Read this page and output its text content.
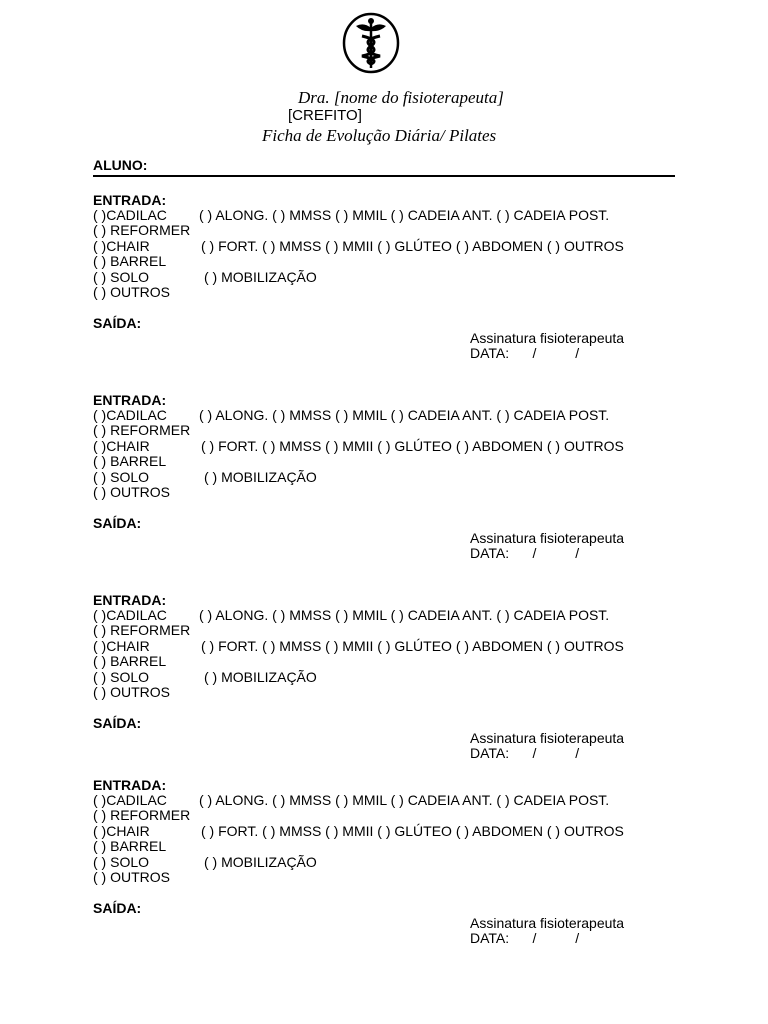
Dra. [nome do fisioterapeuta]
[CREFITO]
Ficha de Evolução Diária/ Pilates
ALUNO:
ENTRADA:
( )CADILAC ( ) ALONG. ( ) MMSS ( ) MMIL ( ) CADEIA ANT. ( ) CADEIA POST.
( ) REFORMER
( )CHAIR	( ) FORT. ( ) MMSS ( ) MMII ( ) GLÚTEO ( ) ABDOMEN ( ) OUTROS
( ) BARREL
( ) SOLO	( ) MOBILIZAÇÃO
( ) OUTROS
SAÍDA:
Assinatura fisioterapeuta
DATA:      /          /
ENTRADA:
( )CADILAC ( ) ALONG. ( ) MMSS ( ) MMIL ( ) CADEIA ANT. ( ) CADEIA POST.
( ) REFORMER
( )CHAIR	( ) FORT. ( ) MMSS ( ) MMII ( ) GLÚTEO ( ) ABDOMEN ( ) OUTROS
( ) BARREL
( ) SOLO	( ) MOBILIZAÇÃO
( ) OUTROS
SAÍDA:
Assinatura fisioterapeuta
DATA:      /          /
ENTRADA:
( )CADILAC ( ) ALONG. ( ) MMSS ( ) MMIL ( ) CADEIA ANT. ( ) CADEIA POST.
( ) REFORMER
( )CHAIR	( ) FORT. ( ) MMSS ( ) MMII ( ) GLÚTEO ( ) ABDOMEN ( ) OUTROS
( ) BARREL
( ) SOLO	( ) MOBILIZAÇÃO
( ) OUTROS
SAÍDA:
Assinatura fisioterapeuta
DATA:      /          /
ENTRADA:
( )CADILAC ( ) ALONG. ( ) MMSS ( ) MMIL ( ) CADEIA ANT. ( ) CADEIA POST.
( ) REFORMER
( )CHAIR	( ) FORT. ( ) MMSS ( ) MMII ( ) GLÚTEO ( ) ABDOMEN ( ) OUTROS
( ) BARREL
( ) SOLO	( ) MOBILIZAÇÃO
( ) OUTROS
SAÍDA:
Assinatura fisioterapeuta
DATA:      /          /
